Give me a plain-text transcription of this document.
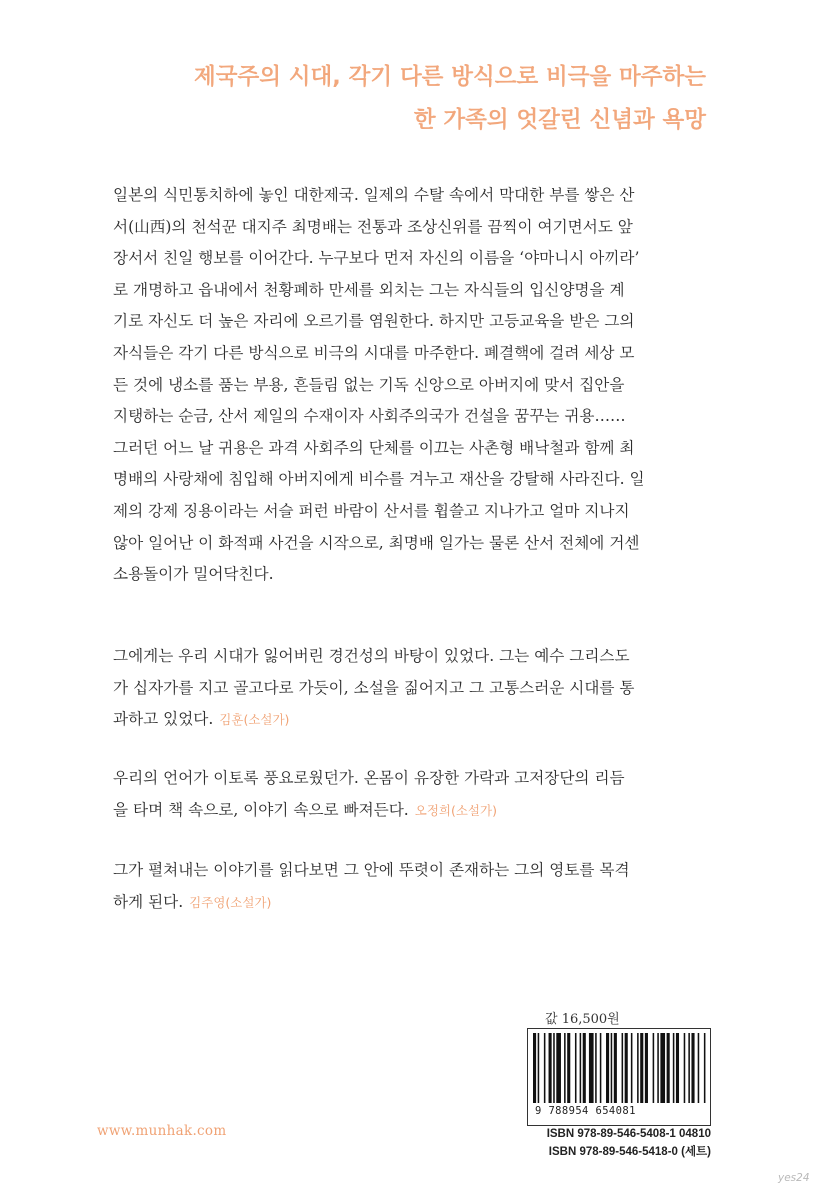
제국주의 시대, 각기 다른 방식으로 비극을 마주하는
한 가족의 엇갈린 신념과 욕망
일본의 식민통치하에 놓인 대한제국. 일제의 수탈 속에서 막대한 부를 쌓은 산
서(山西)의 천석꾼 대지주 최명배는 전통과 조상신위를 끔찍이 여기면서도 앞
장서서 친일 행보를 이어간다. 누구보다 먼저 자신의 이름을 ‘야마니시 아끼라’
로 개명하고 읍내에서 천황폐하 만세를 외치는 그는 자식들의 입신양명을 계
기로 자신도 더 높은 자리에 오르기를 염원한다. 하지만 고등교육을 받은 그의
자식들은 각기 다른 방식으로 비극의 시대를 마주한다. 폐결핵에 걸려 세상 모
든 것에 냉소를 품는 부용, 흔들림 없는 기독 신앙으로 아버지에 맞서 집안을
지탱하는 순금, 산서 제일의 수재이자 사회주의국가 건설을 꿈꾸는 귀용……
그러던 어느 날 귀용은 과격 사회주의 단체를 이끄는 사촌형 배낙철과 함께 최
명배의 사랑채에 침입해 아버지에게 비수를 겨누고 재산을 강탈해 사라진다. 일
제의 강제 징용이라는 서슬 퍼런 바람이 산서를 휩쓸고 지나가고 얼마 지나지
않아 일어난 이 화적패 사건을 시작으로, 최명배 일가는 물론 산서 전체에 거센
소용돌이가 밀어닥친다.
그에게는 우리 시대가 잃어버린 경건성의 바탕이 있었다. 그는 예수 그리스도
가 십자가를 지고 골고다로 가듯이, 소설을 짊어지고 그 고통스러운 시대를 통
과하고 있었다. 김훈(소설가)
우리의 언어가 이토록 풍요로웠던가. 온몸이 유장한 가락과 고저장단의 리듬
을 타며 책 속으로, 이야기 속으로 빠져든다. 오정희(소설가)
그가 펼쳐내는 이야기를 읽다보면 그 안에 뚜렷이 존재하는 그의 영토를 목격
하게 된다. 김주영(소설가)
값 16,500원
9 788954 654081
ISBN 978-89-546-5408-1 04810
ISBN 978-89-546-5418-0 (세트)
www.munhak.com
yes24
